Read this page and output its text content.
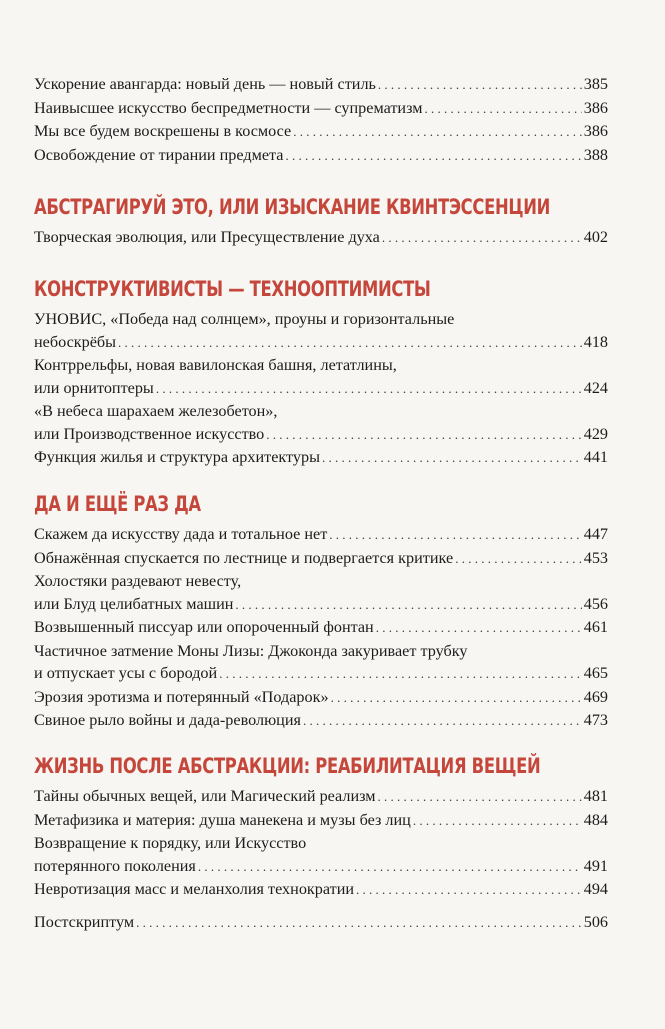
Ускорение авангарда: новый день — новый стиль . . .	385
Наивысшее искусство беспредметности — супрематизм . . .	386
Мы все будем воскрешены в космосе . . .	386
Освобождение от тирании предмета . . .	388
АБСТРАГИРУЙ ЭТО, ИЛИ ИЗЫСКАНИЕ КВИНТЭССЕНЦИИ
Творческая эволюция, или Пресуществление духа . . .	402
КОНСТРУКТИВИСТЫ — ТЕХНООПТИМИСТЫ
УНОВИС, «Победа над солнцем», проуны и горизонтальные
небоскрёбы . . .	418
Контррельфы, новая вавилонская башня, летатлины,
или орнитоптеры . . .	424
«В небеса шарахаем железобетон»,
или Производственное искусство . . .	429
Функция жилья и структура архитектуры . . .	441
ДА И ЕЩЁ РАЗ ДА
Скажем да искусству дада и тотальное нет . . .	447
Обнажённая спускается по лестнице и подвергается критике . . .	453
Холостяки раздевают невесту,
или Блуд целибатных машин . . .	456
Возвышенный писсуар или опороченный фонтан . . .	461
Частичное затмение Моны Лизы: Джоконда закуривает трубку
и отпускает усы с бородой . . .	465
Эрозия эротизма и потерянный «Подарок» . . .	469
Свиное рыло войны и дада-революция . . .	473
ЖИЗНЬ ПОСЛЕ АБСТРАКЦИИ: РЕАБИЛИТАЦИЯ ВЕЩЕЙ
Тайны обычных вещей, или Магический реализм . . .	481
Метафизика и материя: душа манекена и музы без лиц . . .	484
Возвращение к порядку, или Искусство
потерянного поколения . . .	491
Невротизация масс и меланхолия технократии . . .	494
Постскриптум . . .	506
